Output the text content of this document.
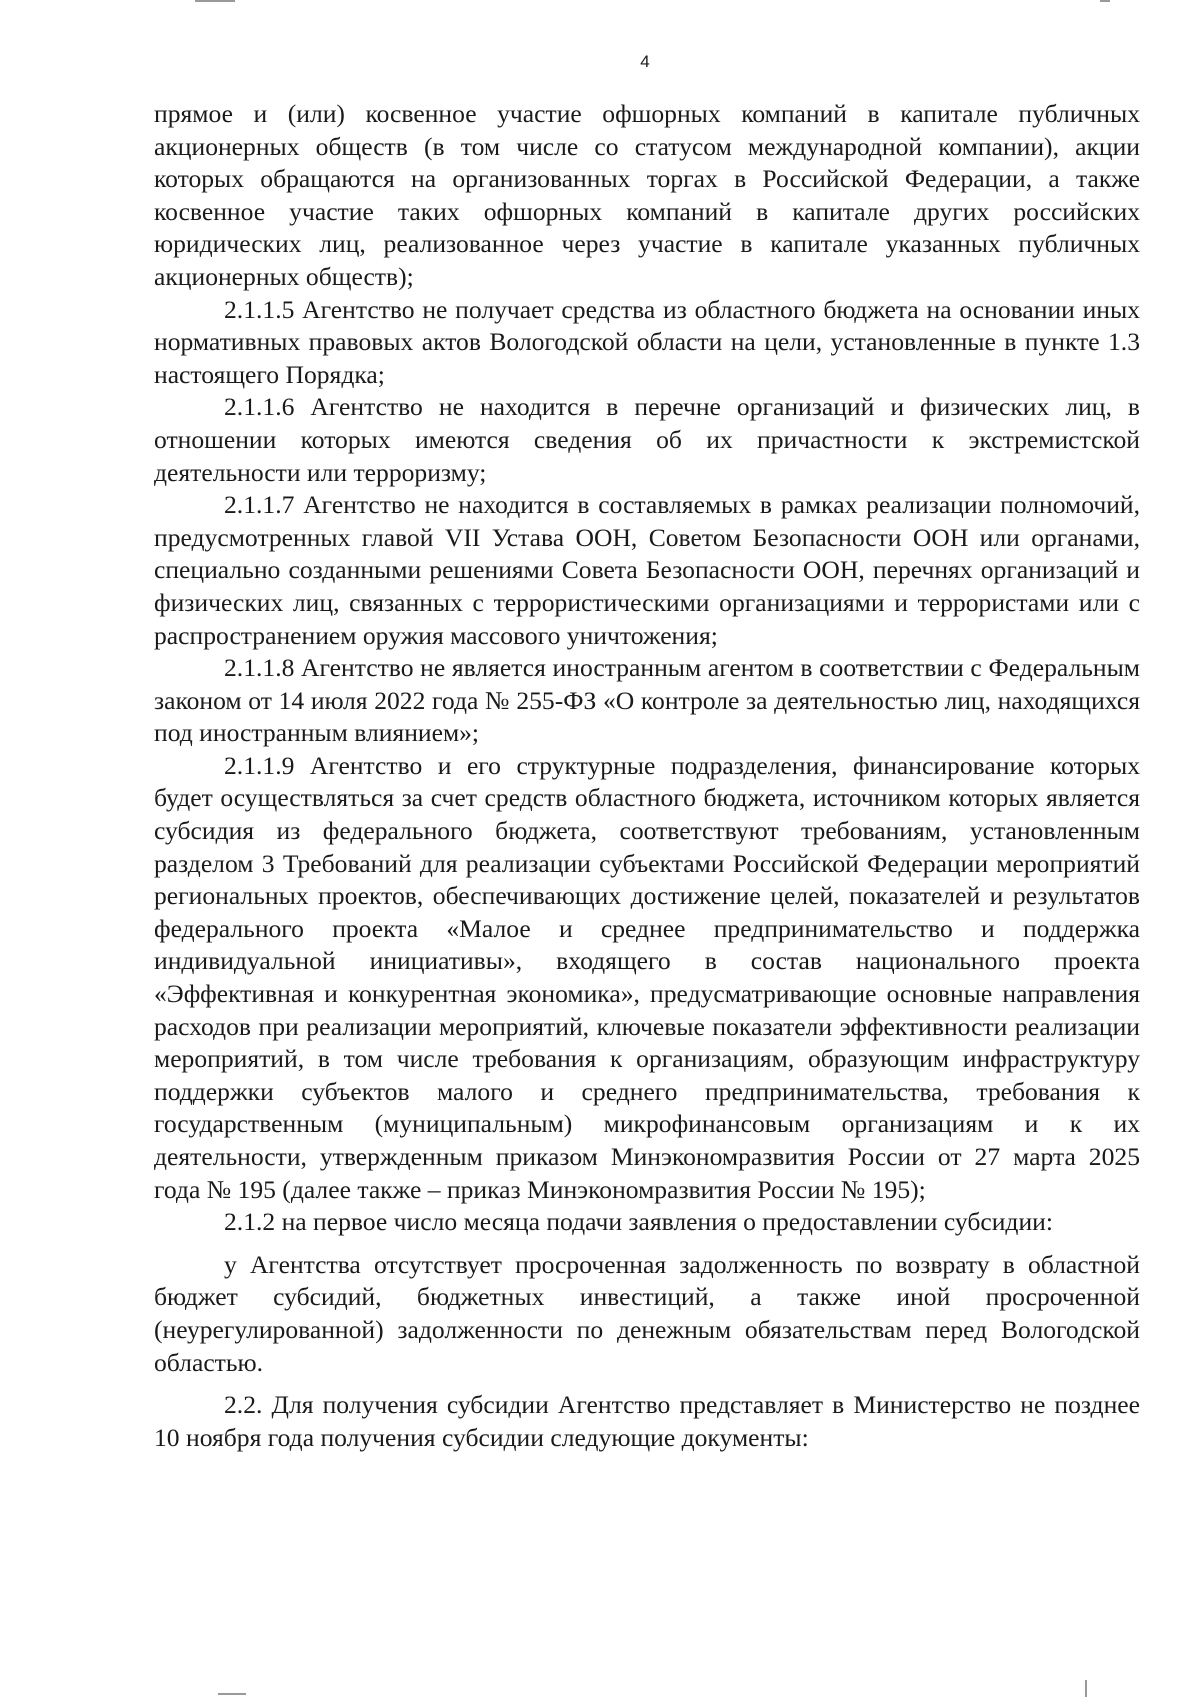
4

прямое и (или) косвенное участие офшорных компаний в капитале публичных акционерных обществ (в том числе со статусом международной компании), акции которых обращаются на организованных торгах в Российской Федерации, а также косвенное участие таких офшорных компаний в капитале других российских юридических лиц, реализованное через участие в капитале указанных публичных акционерных обществ);

2.1.1.5 Агентство не получает средства из областного бюджета на основании иных нормативных правовых актов Вологодской области на цели, установленные в пункте 1.3 настоящего Порядка;

2.1.1.6 Агентство не находится в перечне организаций и физических лиц, в отношении которых имеются сведения об их причастности к экстремистской деятельности или терроризму;

2.1.1.7 Агентство не находится в составляемых в рамках реализации полномочий, предусмотренных главой VII Устава ООН, Советом Безопасности ООН или органами, специально созданными решениями Совета Безопасности ООН, перечнях организаций и физических лиц, связанных с террористическими организациями и террористами или с распространением оружия массового уничтожения;

2.1.1.8 Агентство не является иностранным агентом в соответствии с Федеральным законом от 14 июля 2022 года № 255-ФЗ «О контроле за деятельностью лиц, находящихся под иностранным влиянием»;

2.1.1.9 Агентство и его структурные подразделения, финансирование которых будет осуществляться за счет средств областного бюджета, источником которых является субсидия из федерального бюджета, соответствуют требованиям, установленным разделом 3 Требований для реализации субъектами Российской Федерации мероприятий региональных проектов, обеспечивающих достижение целей, показателей и результатов федерального проекта «Малое и среднее предпринимательство и поддержка индивидуальной инициативы», входящего в состав национального проекта «Эффективная и конкурентная экономика», предусматривающие основные направления расходов при реализации мероприятий, ключевые показатели эффективности реализации мероприятий, в том числе требования к организациям, образующим инфраструктуру поддержки субъектов малого и среднего предпринимательства, требования к государственным (муниципальным) микрофинансовым организациям и к их деятельности, утвержденным приказом Минэкономразвития России от 27 марта 2025 года № 195 (далее также – приказ Минэкономразвития России № 195);

2.1.2 на первое число месяца подачи заявления о предоставлении субсидии:

у Агентства отсутствует просроченная задолженность по возврату в областной бюджет субсидий, бюджетных инвестиций, а также иной просроченной (неурегулированной) задолженности по денежным обязательствам перед Вологодской областью.

2.2. Для получения субсидии Агентство представляет в Министерство не позднее 10 ноября года получения субсидии следующие документы:
